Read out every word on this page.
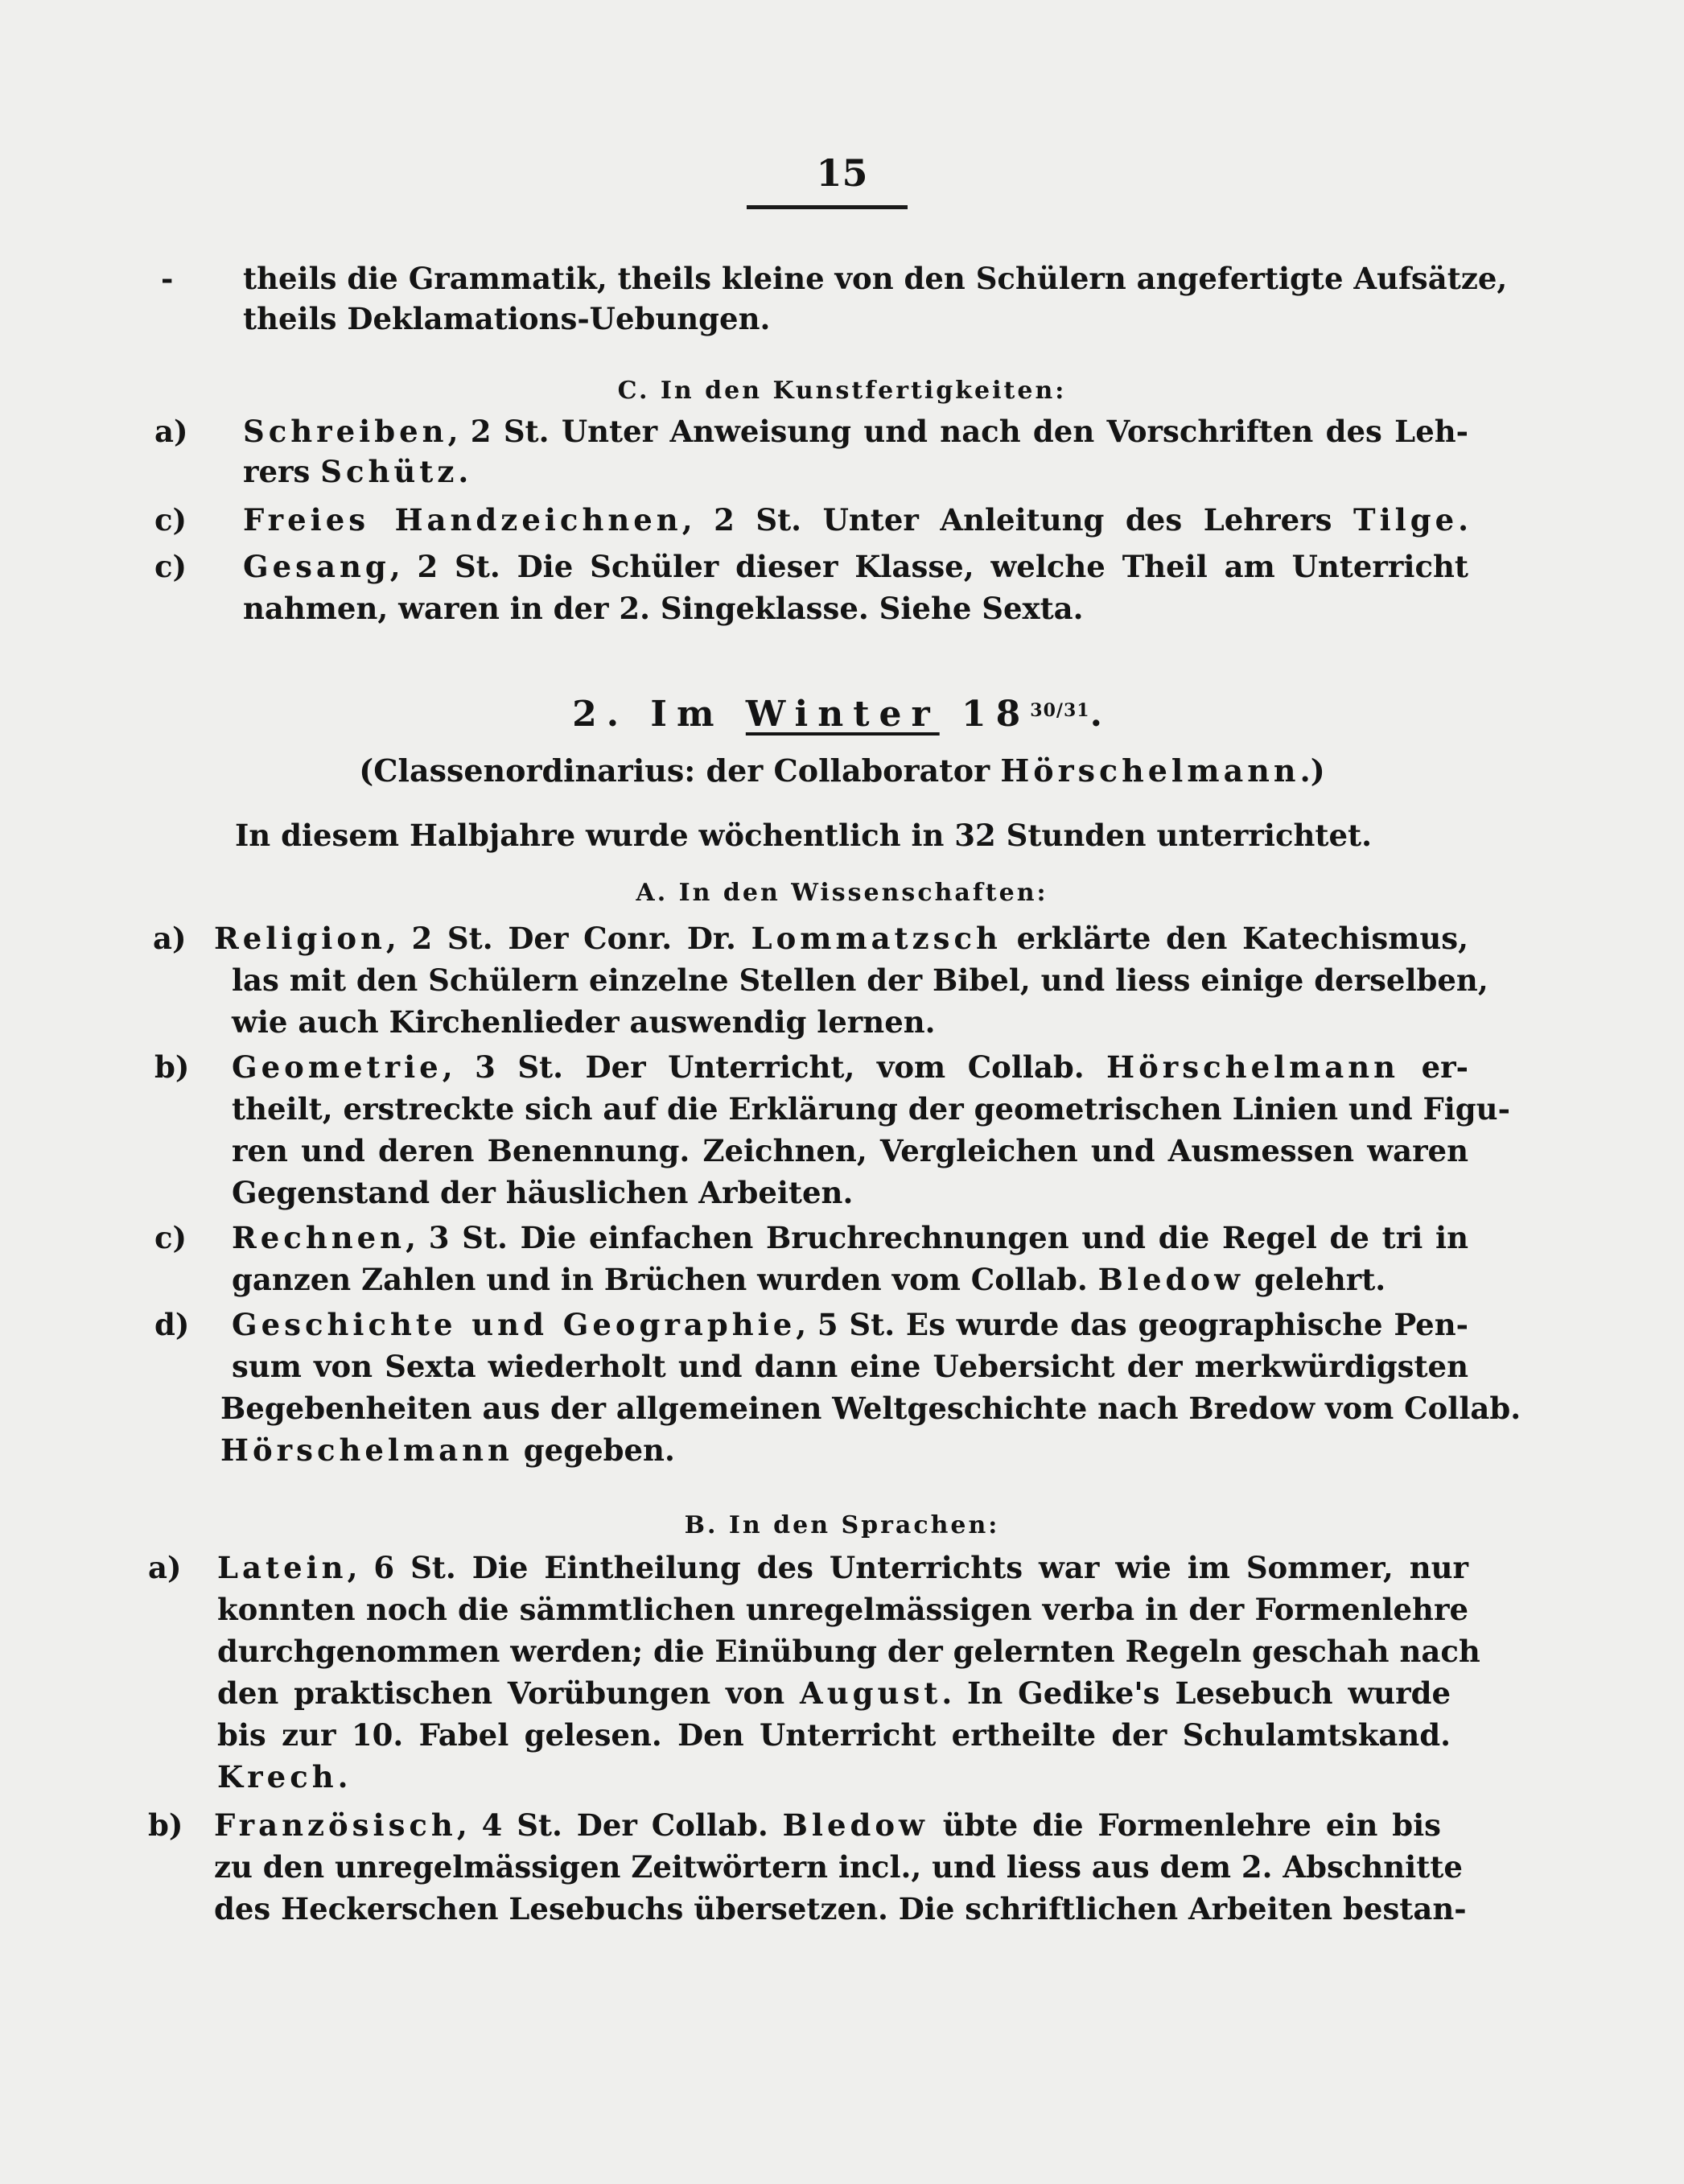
15
- theils die Grammatik, theils kleine von den Schülern angefertigte Aufsätze,
theils Deklamations-Uebungen.
C. In den Kunstfertigkeiten:
a) Schreiben, 2 St. Unter Anweisung und nach den Vorschriften des Leh-
rers Schütz.
c) Freies Handzeichnen, 2 St. Unter Anleitung des Lehrers Tilge.
c) Gesang, 2 St. Die Schüler dieser Klasse, welche Theil am Unterricht
nahmen, waren in der 2. Singeklasse. Siehe Sexta.
2. Im Winter $18^{30/31}$.
(Classenordinarius: der Collaborator Hörschelmann.)
In diesem Halbjahre wurde wöchentlich in 32 Stunden unterrichtet.
A. In den Wissenschaften:
a) Religion, 2 St. Der Conr. Dr. Lommatzsch erklärte den Katechismus,
las mit den Schülern einzelne Stellen der Bibel, und liess einige derselben,
wie auch Kirchenlieder auswendig lernen.
b) Geometrie, 3 St. Der Unterricht, vom Collab. Hörschelmann er-
theilt, erstreckte sich auf die Erklärung der geometrischen Linien und Figu-
ren und deren Benennung. Zeichnen, Vergleichen und Ausmessen waren
Gegenstand der häuslichen Arbeiten.
c) Rechnen, 3 St. Die einfachen Bruchrechnungen und die Regel de tri in
ganzen Zahlen und in Brüchen wurden vom Collab. Bledow gelehrt.
d) Geschichte und Geographie, 5 St. Es wurde das geographische Pen-
sum von Sexta wiederholt und dann eine Uebersicht der merkwürdigsten
Begebenheiten aus der allgemeinen Weltgeschichte nach Bredow vom Collab.
Hörschelmann gegeben.
B. In den Sprachen:
a) Latein, 6 St. Die Eintheilung des Unterrichts war wie im Sommer, nur
konnten noch die sämmtlichen unregelmässigen verba in der Formenlehre
durchgenommen werden; die Einübung der gelernten Regeln geschah nach
den praktischen Vorübungen von August. In Gedike's Lesebuch wurde
bis zur 10. Fabel gelesen. Den Unterricht ertheilte der Schulamtskand.
Krech.
b) Französisch, 4 St. Der Collab. Bledow übte die Formenlehre ein bis
zu den unregelmässigen Zeitwörtern incl., und liess aus dem 2. Abschnitte
des Heckerschen Lesebuchs übersetzen. Die schriftlichen Arbeiten bestan-
